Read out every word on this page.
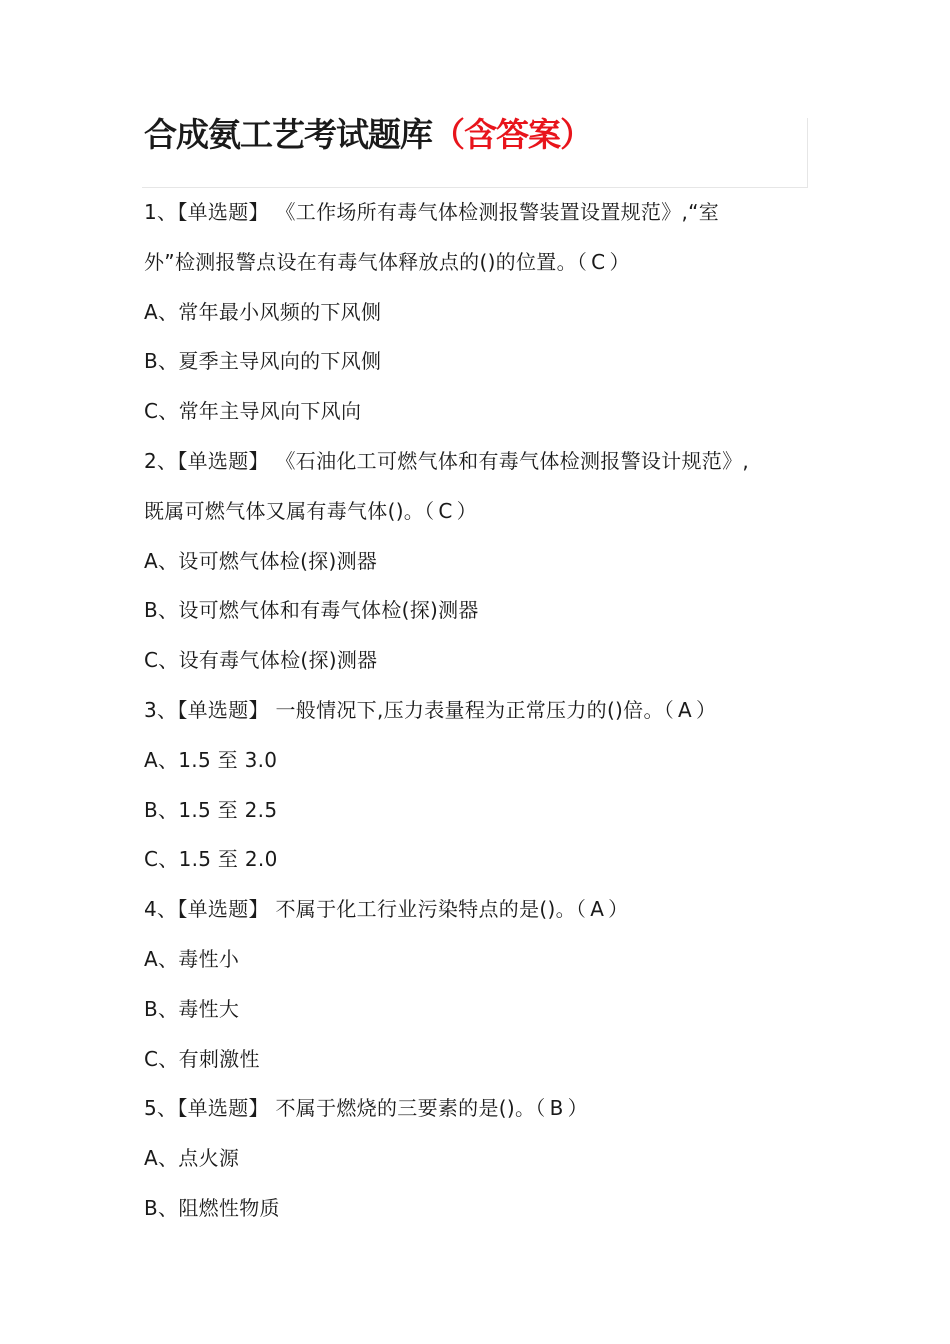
合成氨工艺考试题库（含答案）
1、【单选题】 《工作场所有毒气体检测报警装置设置规范》,“室
外”检测报警点设在有毒气体释放点的()的位置。（ C ）
A、常年最小风频的下风侧
B、夏季主导风向的下风侧
C、常年主导风向下风向
2、【单选题】 《石油化工可燃气体和有毒气体检测报警设计规范》,
既属可燃气体又属有毒气体()。（ C ）
A、设可燃气体检(探)测器
B、设可燃气体和有毒气体检(探)测器
C、设有毒气体检(探)测器
3、【单选题】 一般情况下,压力表量程为正常压力的()倍。（ A ）
A、1.5 至 3.0
B、1.5 至 2.5
C、1.5 至 2.0
4、【单选题】 不属于化工行业污染特点的是()。（ A ）
A、毒性小
B、毒性大
C、有刺激性
5、【单选题】 不属于燃烧的三要素的是()。（ B ）
A、点火源
B、阻燃性物质
